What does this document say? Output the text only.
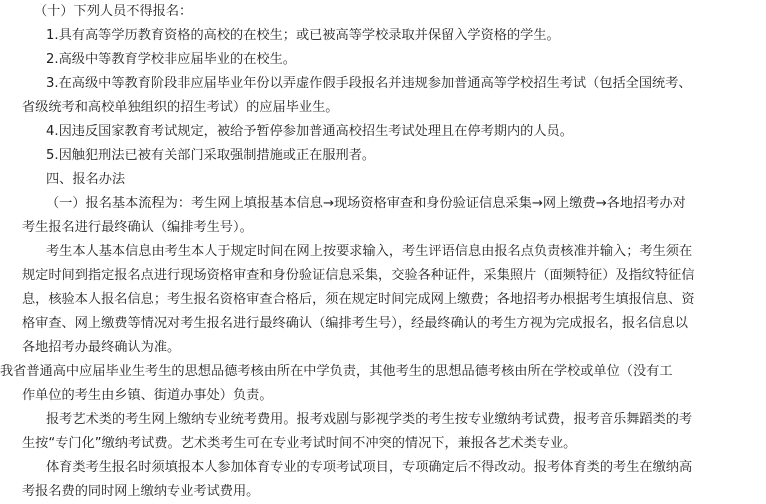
（十）下列人员不得报名：
1.具有高等学历教育资格的高校的在校生；或已被高等学校录取并保留入学资格的学生。
2.高级中等教育学校非应届毕业的在校生。
3.在高级中等教育阶段非应届毕业年份以弄虚作假手段报名并违规参加普通高等学校招生考试（包括全国统考、
省级统考和高校单独组织的招生考试）的应届毕业生。
4.因违反国家教育考试规定，被给予暂停参加普通高校招生考试处理且在停考期内的人员。
5.因触犯刑法已被有关部门采取强制措施或正在服刑者。
四、报名办法
（一）报名基本流程为：考生网上填报基本信息→现场资格审查和身份验证信息采集→网上缴费→各地招考办对
考生报名进行最终确认（编排考生号）。
考生本人基本信息由考生本人于规定时间在网上按要求输入，考生评语信息由报名点负责核准并输入；考生须在
规定时间到指定报名点进行现场资格审查和身份验证信息采集，交验各种证件，采集照片（面频特征）及指纹特征信
息，核验本人报名信息；考生报名资格审查合格后，须在规定时间完成网上缴费；各地招考办根据考生填报信息、资
格审查、网上缴费等情况对考生报名进行最终确认（编排考生号），经最终确认的考生方视为完成报名，报名信息以
各地招考办最终确认为准。
我省普通高中应届毕业生考生的思想品德考核由所在中学负责，其他考生的思想品德考核由所在学校或单位（没有工
作单位的考生由乡镇、街道办事处）负责。
报考艺术类的考生网上缴纳专业统考费用。报考戏剧与影视学类的考生按专业缴纳考试费，报考音乐舞蹈类的考
生按“专门化”缴纳考试费。艺术类考生可在专业考试时间不冲突的情况下，兼报各艺术类专业。
体育类考生报名时须填报本人参加体育专业的专项考试项目，专项确定后不得改动。报考体育类的考生在缴纳高
考报名费的同时网上缴纳专业考试费用。
